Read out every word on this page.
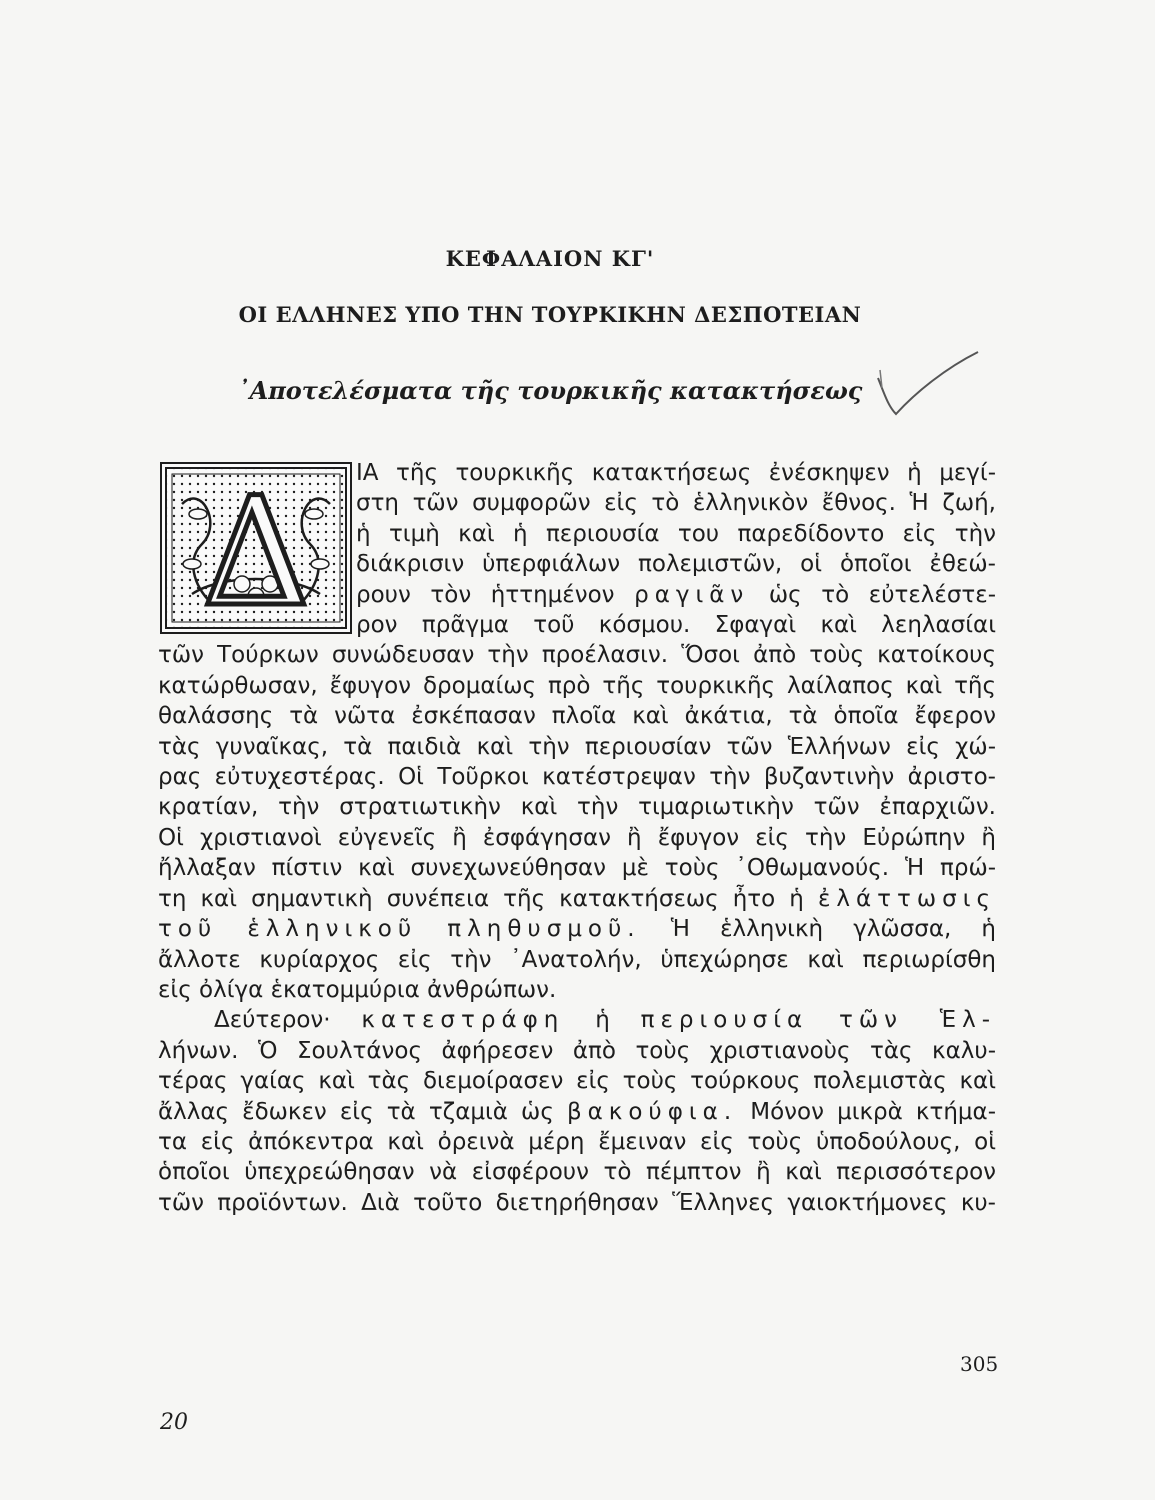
ΚΕΦΑΛΑΙΟΝ ΚΓ'
ΟΙ ΕΛΛΗΝΕΣ ΥΠΟ ΤΗΝ ΤΟΥΡΚΙΚΗΝ ΔΕΣΠΟΤΕΙΑΝ
᾿Αποτελέσματα τῆς τουρκικῆς κατακτήσεως
Δ ΙΑ τῆς τουρκικῆς κατακτήσεως ἐνέσκηψεν ἡ μεγί-
στη τῶν συμφορῶν εἰς τὸ ἑλληνικὸν ἔθνος. Ἡ ζωή,
ἡ τιμὴ καὶ ἡ περιουσία του παρεδίδοντο εἰς τὴν
διάκρισιν ὑπερφιάλων πολεμιστῶν, οἱ ὁποῖοι ἐθεώ-
ρουν τὸν ἡττημένον ραγιᾶν ὡς τὸ εὐτελέστε-
ρον πρᾶγμα τοῦ κόσμου. Σφαγαὶ καὶ λεηλασίαι
τῶν Τούρκων συνώδευσαν τὴν προέλασιν. Ὅσοι ἀπὸ τοὺς κατοίκους
κατώρθωσαν, ἔφυγον δρομαίως πρὸ τῆς τουρκικῆς λαίλαπος καὶ τῆς
θαλάσσης τὰ νῶτα ἐσκέπασαν πλοῖα καὶ ἀκάτια, τὰ ὁποῖα ἔφερον
τὰς γυναῖκας, τὰ παιδιὰ καὶ τὴν περιουσίαν τῶν Ἑλλήνων εἰς χώ-
ρας εὐτυχεστέρας. Οἱ Τοῦρκοι κατέστρεψαν τὴν βυζαντινὴν ἀριστο-
κρατίαν, τὴν στρατιωτικὴν καὶ τὴν τιμαριωτικὴν τῶν ἐπαρχιῶν.
Οἱ χριστιανοὶ εὐγενεῖς ἢ ἐσφάγησαν ἢ ἔφυγον εἰς τὴν Εὐρώπην ἢ
ἤλλαξαν πίστιν καὶ συνεχωνεύθησαν μὲ τοὺς ᾿Οθωμανούς. Ἡ πρώ-
τη καὶ σημαντικὴ συνέπεια τῆς κατακτήσεως ἦτο ἡ ἐλάττωσις
τοῦ ἑλληνικοῦ πληθυσμοῦ. Ἡ ἑλληνικὴ γλῶσσα, ἡ
ἄλλοτε κυρίαρχος εἰς τὴν ᾿Ανατολήν, ὑπεχώρησε καὶ περιωρίσθη
εἰς ὀλίγα ἑκατομμύρια ἀνθρώπων.
Δεύτερον· κατεστράφη ἡ περιουσία τῶν Ἑλ-
λήνων. Ὁ Σουλτάνος ἀφήρεσεν ἀπὸ τοὺς χριστιανοὺς τὰς καλυ-
τέρας γαίας καὶ τὰς διεμοίρασεν εἰς τοὺς τούρκους πολεμιστὰς καὶ
ἄλλας ἔδωκεν εἰς τὰ τζαμιὰ ὡς βακούφια. Μόνον μικρὰ κτήμα-
τα εἰς ἀπόκεντρα καὶ ὀρεινὰ μέρη ἔμειναν εἰς τοὺς ὑποδούλους, οἱ
ὁποῖοι ὑπεχρεώθησαν νὰ εἰσφέρουν τὸ πέμπτον ἢ καὶ περισσότερον
τῶν προϊόντων. Διὰ τοῦτο διετηρήθησαν Ἕλληνες γαιοκτήμονες κυ-
305
20
